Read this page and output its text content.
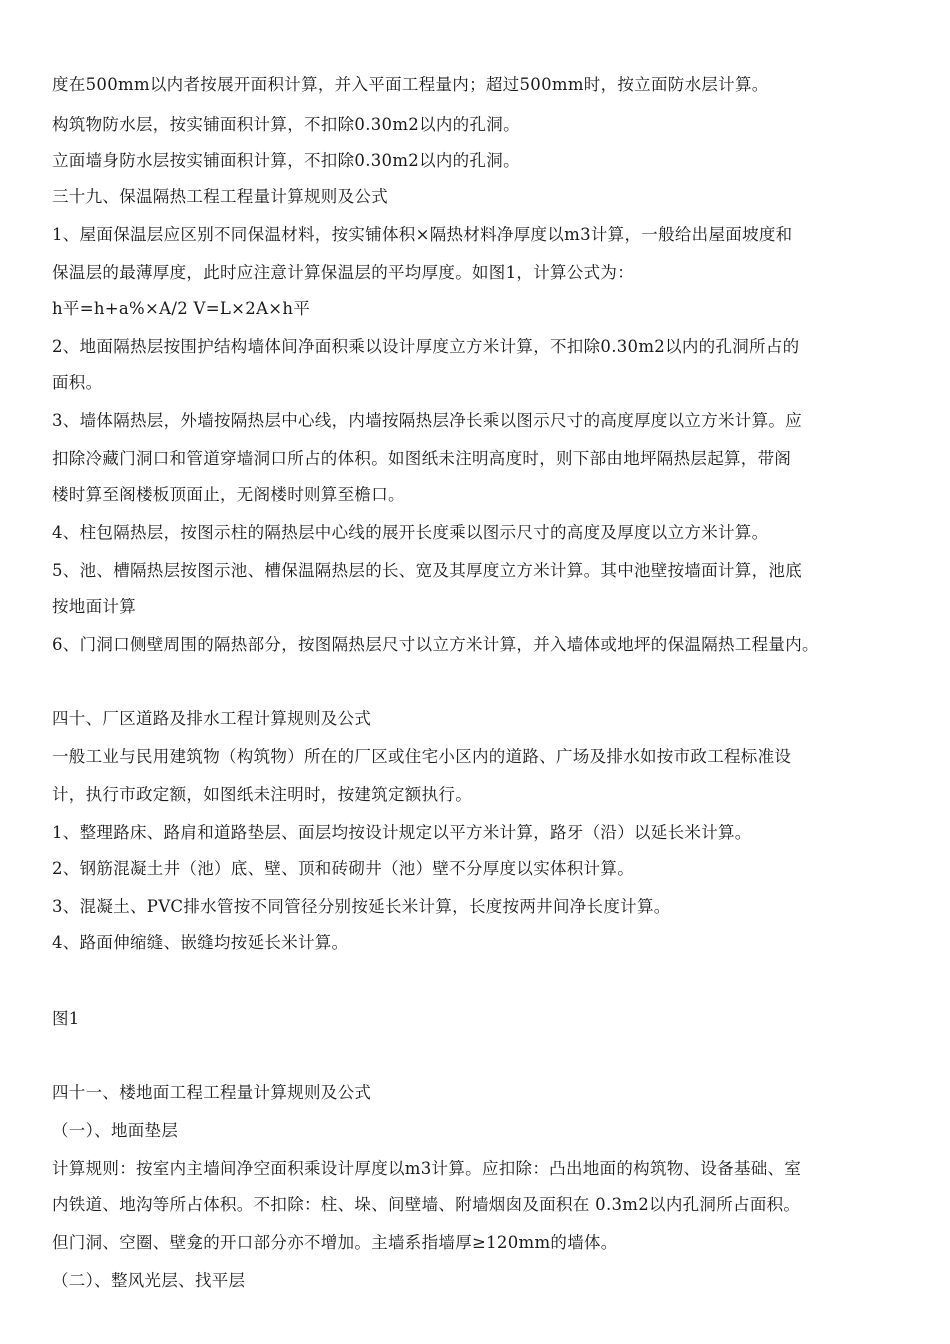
度在500mm以内者按展开面积计算，并入平面工程量内；超过500mm时，按立面防水层计算。
构筑物防水层，按实铺面积计算，不扣除0.30m2以内的孔洞。
立面墙身防水层按实铺面积计算，不扣除0.30m2以内的孔洞。
三十九、保温隔热工程工程量计算规则及公式
1、屋面保温层应区别不同保温材料，按实铺体积×隔热材料净厚度以m3计算，一般给出屋面坡度和
保温层的最薄厚度，此时应注意计算保温层的平均厚度。如图1，计算公式为：
h平=h+a%×A/2 V=L×2A×h平
2、地面隔热层按围护结构墙体间净面积乘以设计厚度立方米计算，不扣除0.30m2以内的孔洞所占的
面积。
3、墙体隔热层，外墙按隔热层中心线，内墙按隔热层净长乘以图示尺寸的高度厚度以立方米计算。应
扣除冷藏门洞口和管道穿墙洞口所占的体积。如图纸未注明高度时，则下部由地坪隔热层起算，带阁
楼时算至阁楼板顶面止，无阁楼时则算至檐口。
4、柱包隔热层，按图示柱的隔热层中心线的展开长度乘以图示尺寸的高度及厚度以立方米计算。
5、池、槽隔热层按图示池、槽保温隔热层的长、宽及其厚度立方米计算。其中池壁按墙面计算，池底
按地面计算
6、门洞口侧壁周围的隔热部分，按图隔热层尺寸以立方米计算，并入墙体或地坪的保温隔热工程量内。
四十、厂区道路及排水工程计算规则及公式
一般工业与民用建筑物（构筑物）所在的厂区或住宅小区内的道路、广场及排水如按市政工程标准设
计，执行市政定额，如图纸未注明时，按建筑定额执行。
1、整理路床、路肩和道路垫层、面层均按设计规定以平方米计算，路牙（沿）以延长米计算。
2、钢筋混凝土井（池）底、壁、顶和砖砌井（池）壁不分厚度以实体积计算。
3、混凝土、PVC排水管按不同管径分别按延长米计算，长度按两井间净长度计算。
4、路面伸缩缝、嵌缝均按延长米计算。
图1
四十一、楼地面工程工程量计算规则及公式
（一）、地面垫层
计算规则：按室内主墙间净空面积乘设计厚度以m3计算。应扣除：凸出地面的构筑物、设备基础、室
内铁道、地沟等所占体积。不扣除：柱、垛、间壁墙、附墙烟囱及面积在 0.3m2以内孔洞所占面积。
但门洞、空圈、壁龛的开口部分亦不增加。主墙系指墙厚≥120mm的墙体。
（二）、整风光层、找平层
